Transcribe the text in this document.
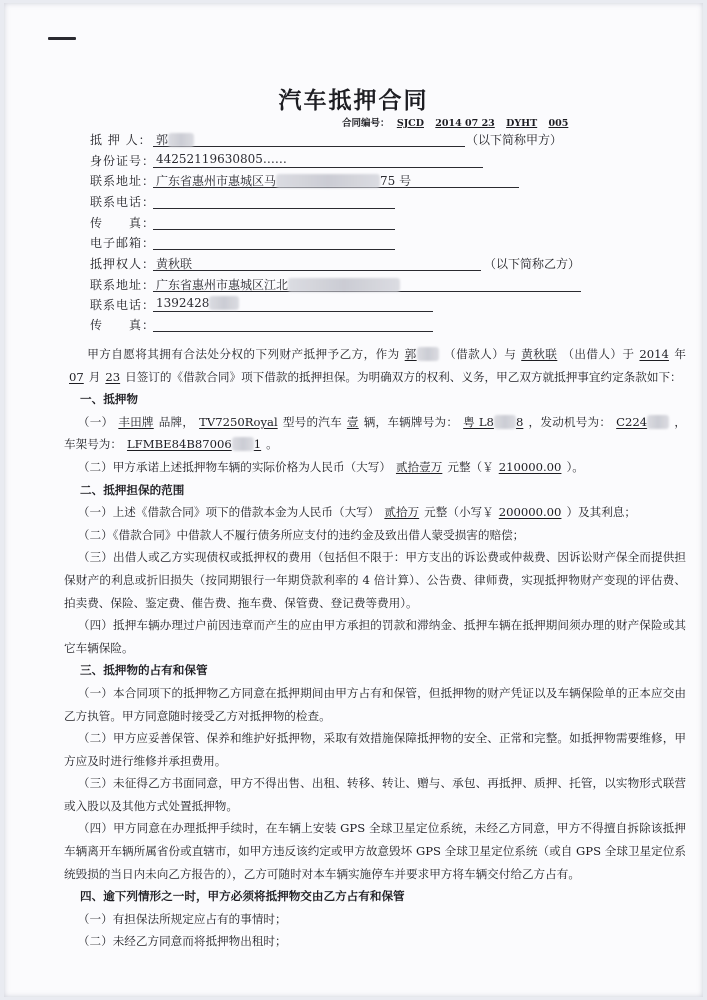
汽车抵押合同
合同编号： SJCD 2014 07 23 DYHT 005
抵 押 人： 郭	（以下简称甲方）
身份证号： 44252119630805……
联系地址： 广东省惠州市惠城区马	75 号
联系电话：
传　　真：
电子邮箱：
抵押权人： 黄秋联	（以下简称乙方）
联系地址： 广东省惠州市惠城区江北
联系电话： 1392428
传　　真：

甲方自愿将其拥有合法处分权的下列财产抵押予乙方，作为 郭 （借款人）与 黄秋联 （出借人）于 2014 年07 月 23 日签订的《借款合同》项下借款的抵押担保。为明确双方的权利、义务，甲乙双方就抵押事宜约定条款如下：

一、抵押物

（一） 丰田牌 品牌， TV7250Royal 型号的汽车 壹 辆，车辆牌号为： 粤 L8 8 ，发动机号为： C224 ，车架号为： LFMBE84B87006 1 。

（二）甲方承诺上述抵押物车辆的实际价格为人民币（大写） 贰拾壹万 元整（￥ 210000.00 ）。

二、抵押担保的范围

（一）上述《借款合同》项下的借款本金为人民币（大写） 贰拾万 元整（小写￥ 200000.00 ）及其利息；

（二）《借款合同》中借款人不履行债务所应支付的违约金及致出借人蒙受损害的赔偿；

（三）出借人或乙方实现债权或抵押权的费用（包括但不限于：甲方支出的诉讼费或仲裁费、因诉讼财产保全而提供担保财产的利息或折旧损失（按同期银行一年期贷款利率的 4 倍计算）、公告费、律师费，实现抵押物财产变现的评估费、拍卖费、保险、鉴定费、催告费、拖车费、保管费、登记费等费用）。

（四）抵押车辆办理过户前因违章而产生的应由甲方承担的罚款和滞纳金、抵押车辆在抵押期间须办理的财产保险或其它车辆保险。

三、抵押物的占有和保管

（一）本合同项下的抵押物乙方同意在抵押期间由甲方占有和保管，但抵押物的财产凭证以及车辆保险单的正本应交由乙方执管。甲方同意随时接受乙方对抵押物的检查。

（二）甲方应妥善保管、保养和维护好抵押物，采取有效措施保障抵押物的安全、正常和完整。如抵押物需要维修，甲方应及时进行维修并承担费用。

（三）未征得乙方书面同意，甲方不得出售、出租、转移、转让、赠与、承包、再抵押、质押、托管，以实物形式联营或入股以及其他方式处置抵押物。

（四）甲方同意在办理抵押手续时，在车辆上安装 GPS 全球卫星定位系统，未经乙方同意，甲方不得擅自拆除该抵押车辆离开车辆所属省份或直辖市，如甲方违反该约定或甲方故意毁坏 GPS 全球卫星定位系统（或自 GPS 全球卫星定位系统毁损的当日内未向乙方报告的），乙方可随时对本车辆实施停车并要求甲方将车辆交付给乙方占有。

四、逾下列情形之一时，甲方必须将抵押物交由乙方占有和保管

（一）有担保法所规定应占有的事情时；

（二）未经乙方同意而将抵押物出租时；
